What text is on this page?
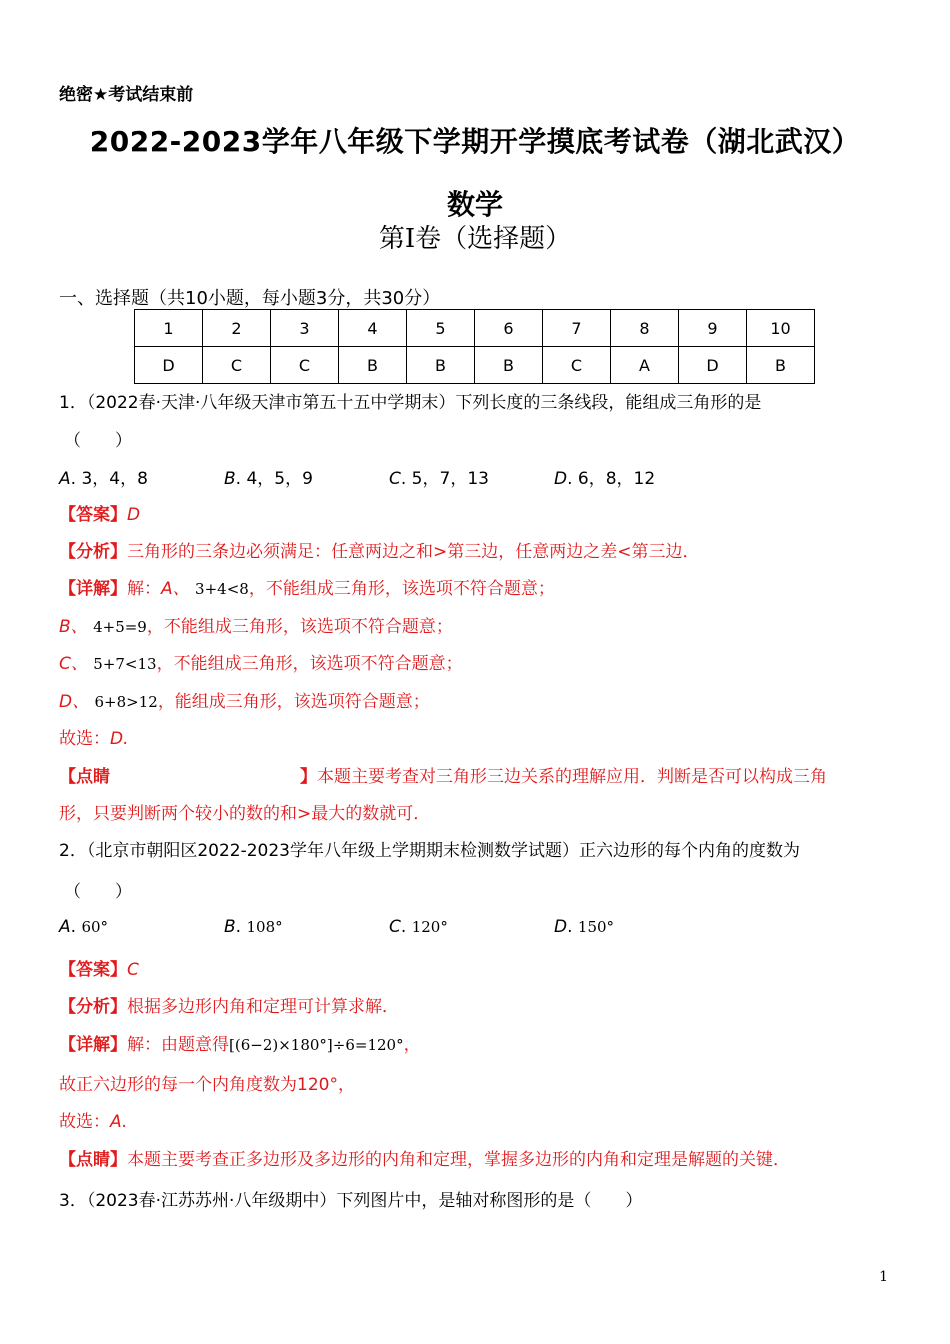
绝密★考试结束前
2022-2023学年八年级下学期开学摸底考试卷（湖北武汉）
数学
第Ⅰ卷（选择题）
一、选择题（共10小题，每小题3分，共30分）
1	2	3	4	5	6	7	8	9	10
D	C	C	B	B	B	C	A	D	B
1．（2022春·天津·八年级天津市第五十五中学期末）下列长度的三条线段，能组成三角形的是
（　　）
A. 3，4，8	B. 4，5，9	C. 5，7，13	D. 6，8，12
【答案】D
【分析】三角形的三条边必须满足：任意两边之和>第三边，任意两边之差<第三边．
【详解】解：A、 3+4<8，不能组成三角形，该选项不符合题意；
B、 4+5=9，不能组成三角形，该选项不符合题意；
C、 5+7<13，不能组成三角形，该选项不符合题意；
D、 6+8>12，能组成三角形，该选项符合题意；
故选：D.
【点睛	】本题主要考查对三角形三边关系的理解应用．判断是否可以构成三角
形，只要判断两个较小的数的和>最大的数就可．
2．（北京市朝阳区2022-2023学年八年级上学期期末检测数学试题）正六边形的每个内角的度数为
（　　）
A. 60°	B. 108°	C. 120°	D. 150°
【答案】C
【分析】根据多边形内角和定理可计算求解．
【详解】解：由题意得[(6−2)×180°]÷6=120°，
故正六边形的每一个内角度数为120°，
故选：A.
【点睛】本题主要考查正多边形及多边形的内角和定理，掌握多边形的内角和定理是解题的关键．
3．（2023春·江苏苏州·八年级期中）下列图片中，是轴对称图形的是（　　）
1
